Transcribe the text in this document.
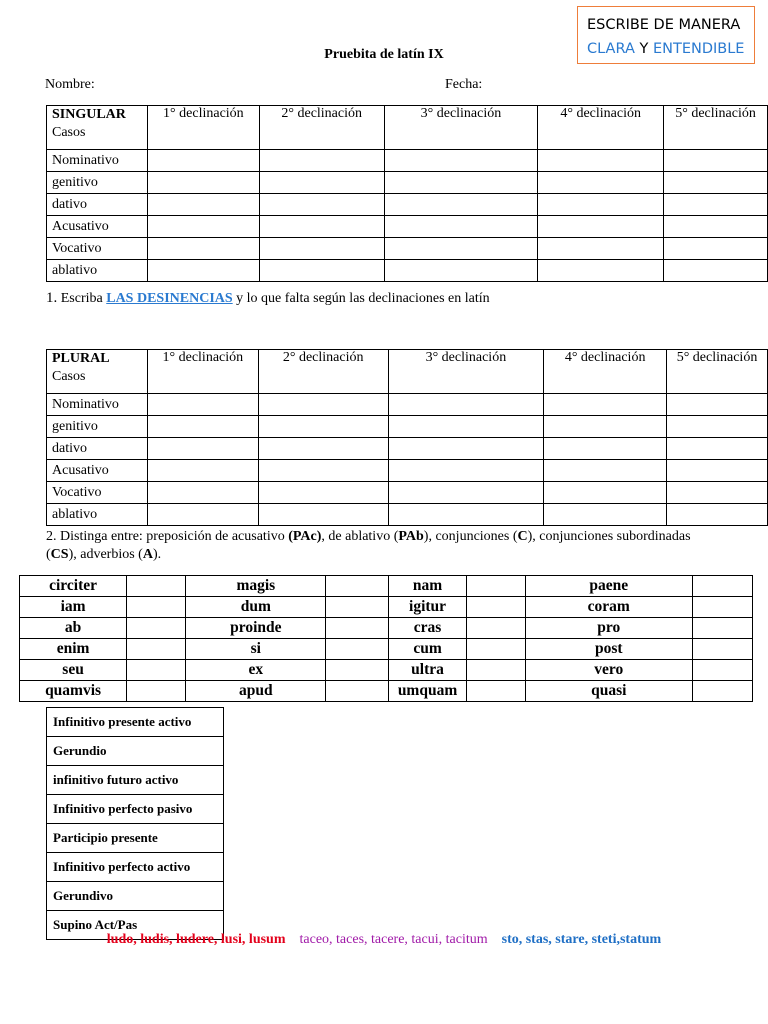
ESCRIBE DE MANERA
CLARA Y ENTENDIBLE
Pruebita de latín IX
Nombre:	Fecha:
SINGULAR
Casos	1° declinación	2° declinación	3° declinación	4° declinación	5° declinación
Nominativo					
genitivo					
dativo					
Acusativo					
Vocativo					
ablativo					
1. Escriba LAS DESINENCIAS y lo que falta según las declinaciones en latín
PLURAL
Casos	1° declinación	2° declinación	3° declinación	4° declinación	5° declinación
Nominativo					
genitivo					
dativo					
Acusativo					
Vocativo					
ablativo					
2. Distinga entre: preposición de acusativo (PAc), de ablativo (PAb), conjunciones (C), conjunciones subordinadas (CS), adverbios (A).
circiter		magis		nam		paene	
iam		dum		igitur		coram	
ab		proinde		cras		pro	
enim		si		cum		post	
seu		ex		ultra		vero	
quamvis		apud		umquam		quasi	
Infinitivo presente activo
Gerundio
infinitivo futuro activo
Infinitivo perfecto pasivo
Participio presente
Infinitivo perfecto activo
Gerundivo
Supino Act/Pas
ludo, ludis, ludere, lusi, lusum taceo, taces, tacere, tacui, tacitum sto, stas, stare, steti,statum
